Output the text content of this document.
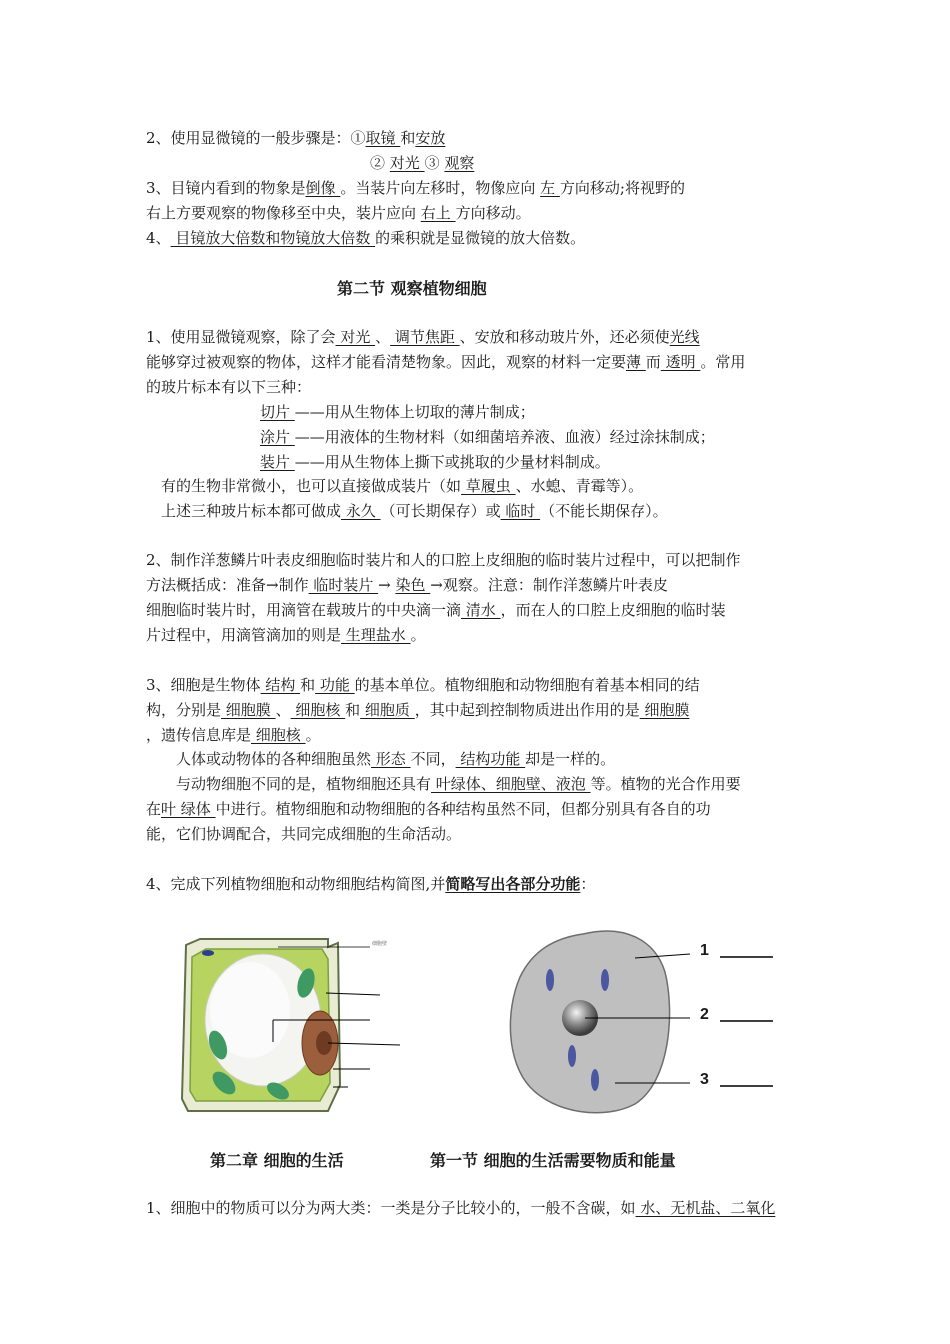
2、使用显微镜的一般步骤是：①取镜 和安放
② 对光 ③ 观察
3、目镜内看到的物象是倒像 。当装片向左移时，物像应向 左 方向移动;将视野的
右上方要观察的物像移至中央，装片应向 右上 方向移动。
4、 目镜放大倍数和物镜放大倍数 的乘积就是显微镜的放大倍数。
第二节 观察植物细胞
1、使用显微镜观察，除了会 对光 、 调节焦距 、安放和移动玻片外，还必须使光线
能够穿过被观察的物体，这样才能看清楚物象。因此，观察的材料一定要薄 而 透明 。常用
的玻片标本有以下三种：
切片 ——用从生物体上切取的薄片制成；
涂片 ——用液体的生物材料（如细菌培养液、血液）经过涂抹制成；
装片 ——用从生物体上撕下或挑取的少量材料制成。
有的生物非常微小，也可以直接做成装片（如 草履虫 、水螅、青霉等）。
上述三种玻片标本都可做成 永久 （可长期保存）或 临时 （不能长期保存）。
2、制作洋葱鳞片叶表皮细胞临时装片和人的口腔上皮细胞的临时装片过程中，可以把制作
方法概括成：准备→制作 临时装片 → 染色 →观察。注意：制作洋葱鳞片叶表皮
细胞临时装片时，用滴管在载玻片的中央滴一滴 清水 ，而在人的口腔上皮细胞的临时装
片过程中，用滴管滴加的则是 生理盐水 。
3、细胞是生物体 结构 和 功能 的基本单位。植物细胞和动物细胞有着基本相同的结
构，分别是 细胞膜 、 细胞核 和 细胞质 ，其中起到控制物质进出作用的是 细胞膜
，遗传信息库是 细胞核 。
人体或动物体的各种细胞虽然 形态 不同， 结构功能 却是一样的。
与动物细胞不同的是，植物细胞还具有 叶绿体、细胞壁、液泡 等。植物的光合作用要
在叶 绿体 中进行。植物细胞和动物细胞的各种结构虽然不同，但都分别具有各自的功
能，它们协调配合，共同完成细胞的生命活动。
4、完成下列植物细胞和动物细胞结构简图,并简略写出各部分功能：
细胞壁	1
2
3
第二章 细胞的生活	第一节 细胞的生活需要物质和能量
1、细胞中的物质可以分为两大类：一类是分子比较小的，一般不含碳，如 水、无机盐、二氧化
